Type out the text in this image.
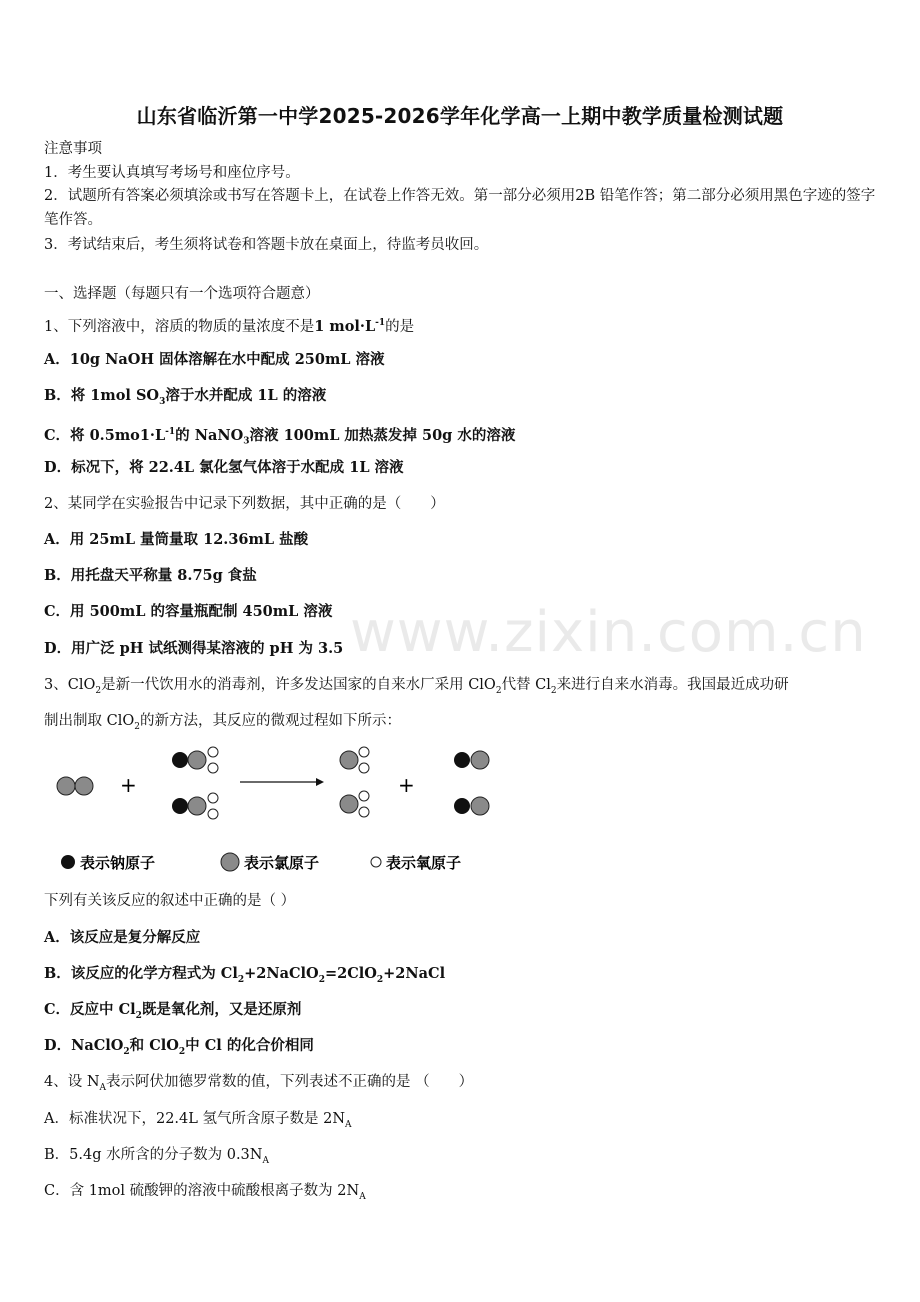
山东省临沂第一中学2025-2026学年化学高一上期中教学质量检测试题
注意事项
1．考生要认真填写考场号和座位序号。
2．试题所有答案必须填涂或书写在答题卡上，在试卷上作答无效。第一部分必须用2B 铅笔作答；第二部分必须用黑色字迹的签字笔作答。
3．考试结束后，考生须将试卷和答题卡放在桌面上，待监考员收回。
一、选择题（每题只有一个选项符合题意）
1、下列溶液中，溶质的物质的量浓度不是1 $mol\cdot L^{-1}$的是
A．10g NaOH 固体溶解在水中配成 250mL 溶液
B．将 1mol $SO_3$溶于水并配成 1L 的溶液
C．将 $0.5mo1\cdot L^{-1}$的 NaNO$_3$溶液 100mL 加热蒸发掉 50g 水的溶液
D．标况下，将 22.4L 氯化氢气体溶于水配成 1L 溶液
2、某同学在实验报告中记录下列数据，其中正确的是（　　）
A．用 25mL 量筒量取 12.36mL 盐酸
B．用托盘天平称量 8.75g 食盐
C．用 500mL 的容量瓶配制 450mL 溶液
D．用广泛 pH 试纸测得某溶液的 pH 为 3.5 www.zixin.com.cn
3、ClO$_2$是新一代饮用水的消毒剂，许多发达国家的自来水厂采用 ClO$_2$代替 $Cl_2$来进行自来水消毒。我国最近成功研
制出制取 ClO$_2$的新方法，其反应的微观过程如下所示：
+	+
表示钠原子	表示氯原子	表示氧原子
下列有关该反应的叙述中正确的是（ ）
A．该反应是复分解反应
B．该反应的化学方程式为 $Cl_2+2NaClO_2=2ClO_2+2NaCl$
C．反应中 $Cl_2$既是氧化剂，又是还原剂
D．NaClO$_2$和 ClO$_2$中 Cl 的化合价相同
4、设 $N_A$表示阿伏加德罗常数的值，下列表述不正确的是 （　　）
A．标准状况下，22.4L 氢气所含原子数是 $2N_A$
B．5.4g 水所含的分子数为 $0.3N_A$
C．含 1mol 硫酸钾的溶液中硫酸根离子数为 $2N_A$
